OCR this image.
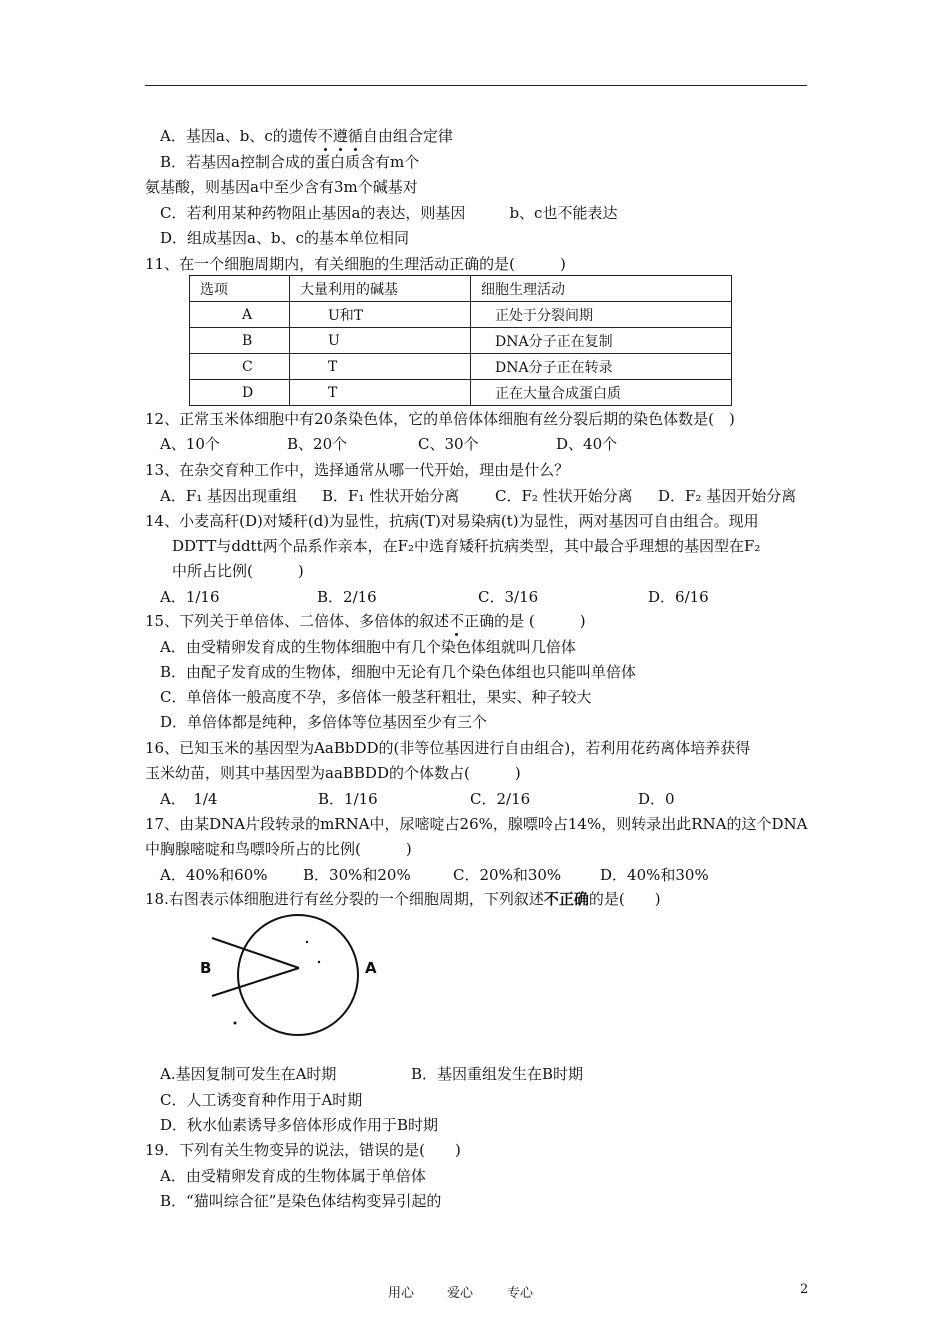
A．基因a、b、c的遗传不遵循自由组合定律
B．若基因a控制合成的蛋白质含有m个
氨基酸，则基因a中至少含有3m个碱基对
C．若利用某种药物阻止基因a的表达，则基因	b、c也不能表达
D．组成基因a、b、c的基本单位相同
11、在一个细胞周期内，有关细胞的生理活动正确的是(　　　)
选项	大量利用的碱基	细胞生理活动
A	U和T	正处于分裂间期
B	U	DNA分子正在复制
C	T	DNA分子正在转录
D	T	正在大量合成蛋白质
12、正常玉米体细胞中有20条染色体，它的单倍体体细胞有丝分裂后期的染色体数是(　)
A、10个	B、20个	C、30个	D、40个
13、在杂交育种工作中，选择通常从哪一代开始，理由是什么？
A．F₁ 基因出现重组 B．F₁ 性状开始分离 C．F₂ 性状开始分离 D．F₂ 基因开始分离
14、小麦高秆(D)对矮秆(d)为显性，抗病(T)对易染病(t)为显性，两对基因可自由组合。现用
DDTT与ddtt两个品系作亲本，在F₂中选育矮秆抗病类型，其中最合乎理想的基因型在F₂
中所占比例(　　　)
A．1/16	B．2/16	C．3/16	D．6/16
15、下列关于单倍体、二倍体、多倍体的叙述不正确的是 (　　　)
A．由受精卵发育成的生物体细胞中有几个染色体组就叫几倍体
B．由配子发育成的生物体，细胞中无论有几个染色体组也只能叫单倍体
C．单倍体一般高度不孕，多倍体一般茎秆粗壮，果实、种子较大
D．单倍体都是纯种，多倍体等位基因至少有三个
16、已知玉米的基因型为AaBbDD的(非等位基因进行自由组合)，若利用花药离体培养获得
玉米幼苗，则其中基因型为aaBBDD的个体数占(　　　)
A．　1/4	B．1/16	C．2/16	D．0
17、由某DNA片段转录的mRNA中，尿嘧啶占26%，腺嘌呤占14%，则转录出此RNA的这个DNA
中胸腺嘧啶和鸟嘌呤所占的比例(　　　)
A．40%和60% B．30%和20%	C．20%和30%	D．40%和30%
18.右图表示体细胞进行有丝分裂的一个细胞周期，下列叙述不正确的是(　　)
B	A
A.基因复制可发生在A时期	B．基因重组发生在B时期
C．人工诱变育种作用于A时期
D．秋水仙素诱导多倍体形成作用于B时期
19．下列有关生物变异的说法，错误的是(　　)
A．由受精卵发育成的生物体属于单倍体
B．“猫叫综合征”是染色体结构变异引起的
用心	爱心	专心	2
